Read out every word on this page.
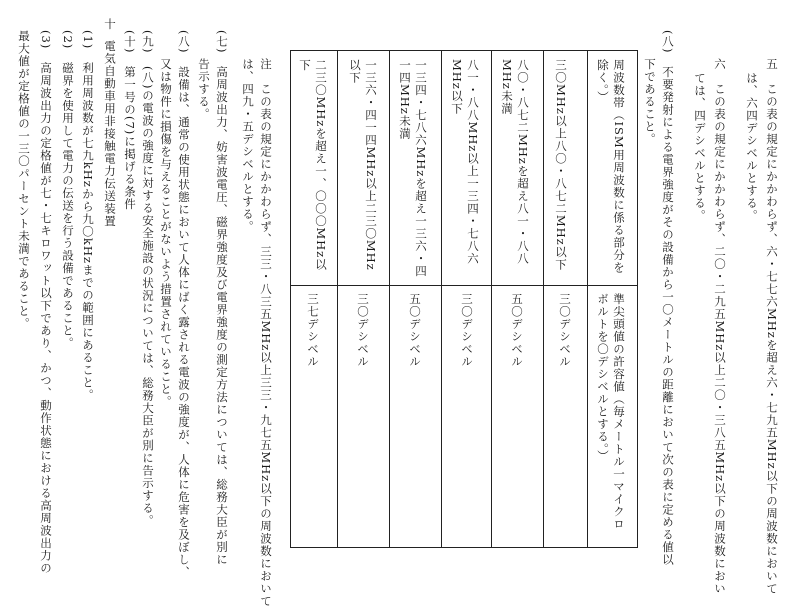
五　この表の規定にかかわらず、六・七七六MHzを超え六・七九五MHz以下の周波数において
は、六四デシベルとする。
六　この表の規定にかかわらず、二〇・二九五MHz以上二〇・三八五MHz以下の周波数におい
ては、四デシベルとする。
(八)　不要発射による電界強度がその設備から一〇メートルの距離において次の表に定める値以
下であること。
周波数帯（ISM用周波数に係る部分を除く。）
準尖頭値の許容値（毎メートル一マイクロボルトを〇デシベルとする。）
三〇MHz以上八〇・八七二MHz以下
三〇デシベル
八〇・八七二MHzを超え八一・八八MHz未満
五〇デシベル
八一・八八MHz以上一三四・七八六MHz以下
三〇デシベル
一三四・七八六MHzを超え一三六・四一四MHz未満
五〇デシベル
一三六・四一四MHz以上二三〇MHz以下
三〇デシベル
二三〇MHzを超え一、〇〇〇MHz以下
三七デシベル
注　この表の規定にかかわらず、三三・八三五MHz以上三三・九七五MHz以下の周波数において
は、四九・五デシベルとする。
(七)　高周波出力、妨害波電圧、磁界強度及び電界強度の測定方法については、総務大臣が別に
告示する。
(八)　設備は、通常の使用状態において人体にばく露される電波の強度が、人体に危害を及ぼし、
又は物件に損傷を与えることがないよう措置されていること。
(九)　(八)の電波の強度に対する安全施設の状況については、総務大臣が別に告示する。
(十)　第一号の(7)に掲げる条件
十
電気自動車用非接触電力伝送装置
(1)　利用周波数が七九kHzから九〇kHzまでの範囲にあること。
(2)　磁界を使用して電力の伝送を行う設備であること。
(3)　高周波出力の定格値が七・七キロワット以下であり、かつ、動作状態における高周波出力の
最大値が定格値の一三〇パーセント未満であること。
